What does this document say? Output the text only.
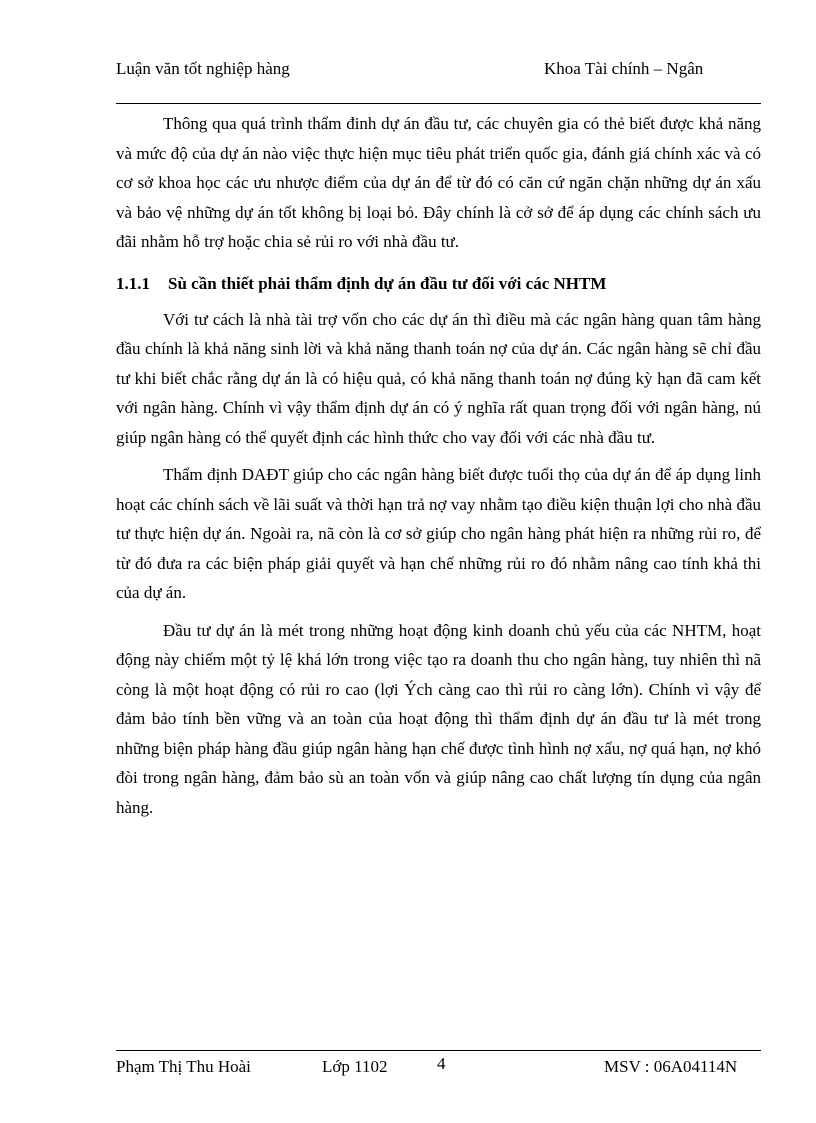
Luận văn tốt nghiệp hàng	Khoa Tài chính – Ngân

Thông qua quá trình thẩm đinh dự án đầu tư, các chuyên gia có thẻ biết được khả năng và mức độ của dự án nào việc thực hiện mục tiêu phát triển quốc gia, đánh giá chính xác và có cơ sở khoa học các ưu nhược điểm của dự án để từ đó có căn cứ ngăn chặn những dự án xấu và bảo vệ những dự án tốt không bị loại bỏ. Đây chính là cở sở để áp dụng các chính sách ưu đãi nhằm hỗ trợ hoặc chia sẻ rủi ro với nhà đầu tư.

1.1.1 Sù cần thiết phải thẩm định dự án đầu tư đối với các NHTM

Với tư cách là nhà tài trợ vốn cho các dự án thì điều mà các ngân hàng quan tâm hàng đầu chính là khả năng sinh lời và khả năng thanh toán nợ của dự án. Các ngân hàng sẽ chỉ đầu tư khi biết chắc rằng dự án là có hiệu quả, có khả năng thanh toán nợ đúng kỳ hạn đã cam kết với ngân hàng. Chính vì vậy thẩm định dự án có ý nghĩa rất quan trọng đối với ngân hàng, nú giúp ngân hàng có thể quyết định các hình thức cho vay đối với các nhà đầu tư.

Thẩm định DAĐT giúp cho các ngân hàng biết được tuổi thọ của dự án để áp dụng linh hoạt các chính sách về lãi suất và thời hạn trả nợ vay nhằm tạo điều kiện thuận lợi cho nhà đầu tư thực hiện dự án. Ngoài ra, nã còn là cơ sở giúp cho ngân hàng phát hiện ra những rủi ro, để từ đó đưa ra các biện pháp giải quyết và hạn chế những rủi ro đó nhằm nâng cao tính khả thi của dự án.

Đầu tư dự án là mét trong những hoạt động kinh doanh chủ yếu của các NHTM, hoạt động này chiếm một tỷ lệ khá lớn trong việc tạo ra doanh thu cho ngân hàng, tuy nhiên thì nã còng là một hoạt động có rủi ro cao (lợi Ých càng cao thì rủi ro càng lớn). Chính vì vậy để đảm bảo tính bền vững và an toàn của hoạt động thì thẩm định dự án đầu tư là mét trong những biện pháp hàng đầu giúp ngân hàng hạn chế được tình hình nợ xấu, nợ quá hạn, nợ khó đòi trong ngân hàng, đảm bảo sù an toàn vốn và giúp nâng cao chất lượng tín dụng của ngân hàng.

Phạm Thị Thu Hoài	Lớp 1102	4	MSV : 06A04114N
